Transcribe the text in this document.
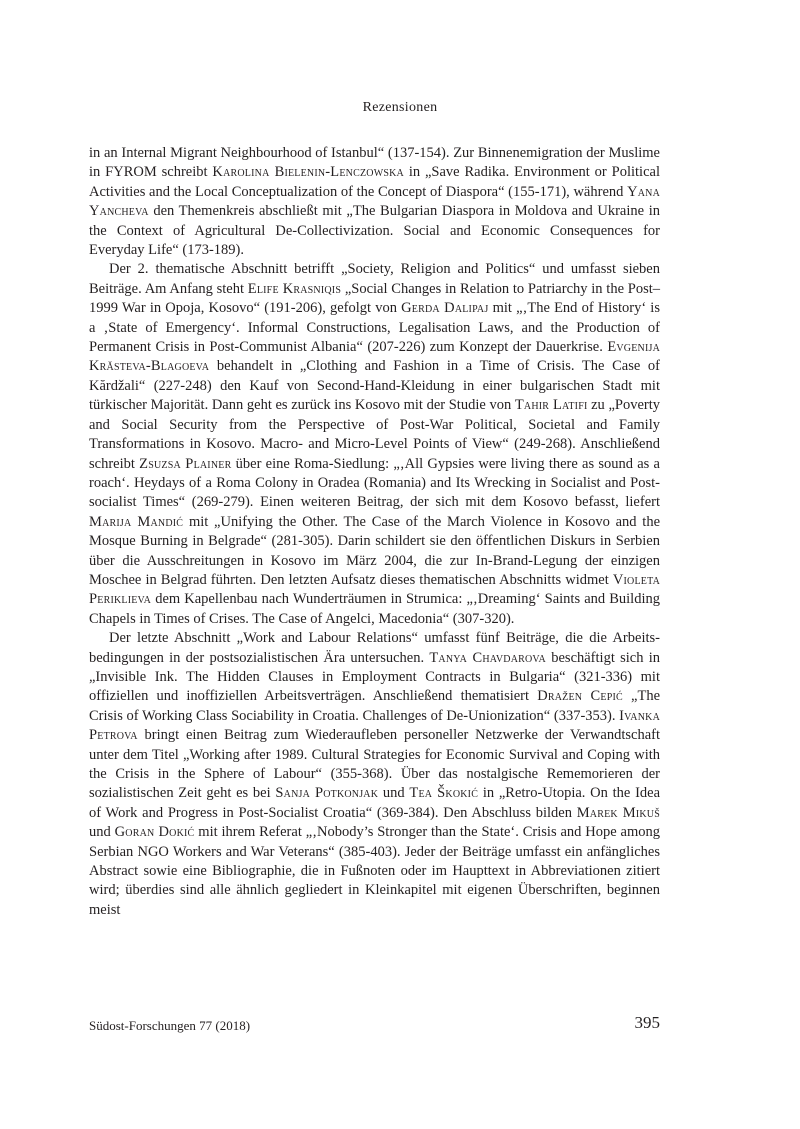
Rezensionen

in an Internal Migrant Neighbourhood of Istanbul“ (137-154). Zur Binnenemigration der Muslime in FYROM schreibt Karolina Bielenin-Lenczowska in „Save Radika. Environment or Political Activities and the Local Conceptualization of the Concept of Diaspora“ (155-171), während Yana Yancheva den Themenkreis abschließt mit „The Bulgarian Diaspora in Moldova and Ukraine in the Context of Agricultural De-Collectivization. Social and Economic Consequences for Everyday Life“ (173-189).

Der 2. thematische Abschnitt betrifft „Society, Religion and Politics“ und umfasst sieben Beiträge. Am Anfang steht Elife Krasniqis „Social Changes in Relation to Patriarchy in the Post–1999 War in Opoja, Kosovo“ (191-206), gefolgt von Gerda Dalipaj mit „‚The End of History‘ is a ‚State of Emergency‘. Informal Constructions, Legalisation Laws, and the Production of Permanent Crisis in Post-Communist Albania“ (207-226) zum Konzept der Dauerkrise. Evgenija Krăsteva-Blagoeva behandelt in „Clothing and Fashion in a Time of Crisis. The Case of Kărdžali“ (227-248) den Kauf von Second-Hand-Kleidung in einer bulgarischen Stadt mit türkischer Majorität. Dann geht es zurück ins Kosovo mit der Studie von Tahir Latifi zu „Poverty and Social Security from the Perspective of Post-War Political, Societal and Family Transformations in Kosovo. Macro- and Micro-Level Points of View“ (249-268). Anschließend schreibt Zsuzsa Plainer über eine Roma-Siedlung: „‚All Gypsies were living there as sound as a roach‘. Heydays of a Roma Colony in Oradea (Romania) and Its Wrecking in Socialist and Post-socialist Times“ (269-279). Einen weiteren Beitrag, der sich mit dem Kosovo befasst, liefert Marija Mandić mit „Unifying the Other. The Case of the March Violence in Kosovo and the Mosque Burning in Belgrade“ (281-305). Darin schildert sie den öffentlichen Diskurs in Serbien über die Ausschreitungen in Kosovo im März 2004, die zur In-Brand-Legung der einzigen Moschee in Belgrad führten. Den letzten Aufsatz dieses thematischen Abschnitts widmet Violeta Periklieva dem Kapellenbau nach Wunderträumen in Strumica: „‚Dreaming‘ Saints and Building Chapels in Times of Crises. The Case of Angelci, Macedonia“ (307-320).

Der letzte Abschnitt „Work and Labour Relations“ umfasst fünf Beiträge, die die Arbeitsbedingungen in der postsozialistischen Ära untersuchen. Tanya Chavdarova beschäftigt sich in „Invisible Ink. The Hidden Clauses in Employment Contracts in Bulgaria“ (321-336) mit offiziellen und inoffiziellen Arbeitsverträgen. Anschließend thematisiert Dražen Cepić „The Crisis of Working Class Sociability in Croatia. Challenges of De-Unionization“ (337-353). Ivanka Petrova bringt einen Beitrag zum Wiederaufleben personeller Netzwerke der Verwandtschaft unter dem Titel „Working after 1989. Cultural Strategies for Economic Survival and Coping with the Crisis in the Sphere of Labour“ (355-368). Über das nostalgische Rememorieren der sozialistischen Zeit geht es bei Sanja Potkonjak und Tea Škokić in „Retro-Utopia. On the Idea of Work and Progress in Post-Socialist Croatia“ (369-384). Den Abschluss bilden Marek Mikuš und Goran Dokić mit ihrem Referat „‚Nobody’s Stronger than the State‘. Crisis and Hope among Serbian NGO Workers and War Veterans“ (385-403). Jeder der Beiträge umfasst ein anfängliches Abstract sowie eine Bibliographie, die in Fußnoten oder im Haupttext in Abbreviationen zitiert wird; überdies sind alle ähnlich gegliedert in Kleinkapitel mit eigenen Überschriften, beginnen meist

Südost-Forschungen 77 (2018)	395
